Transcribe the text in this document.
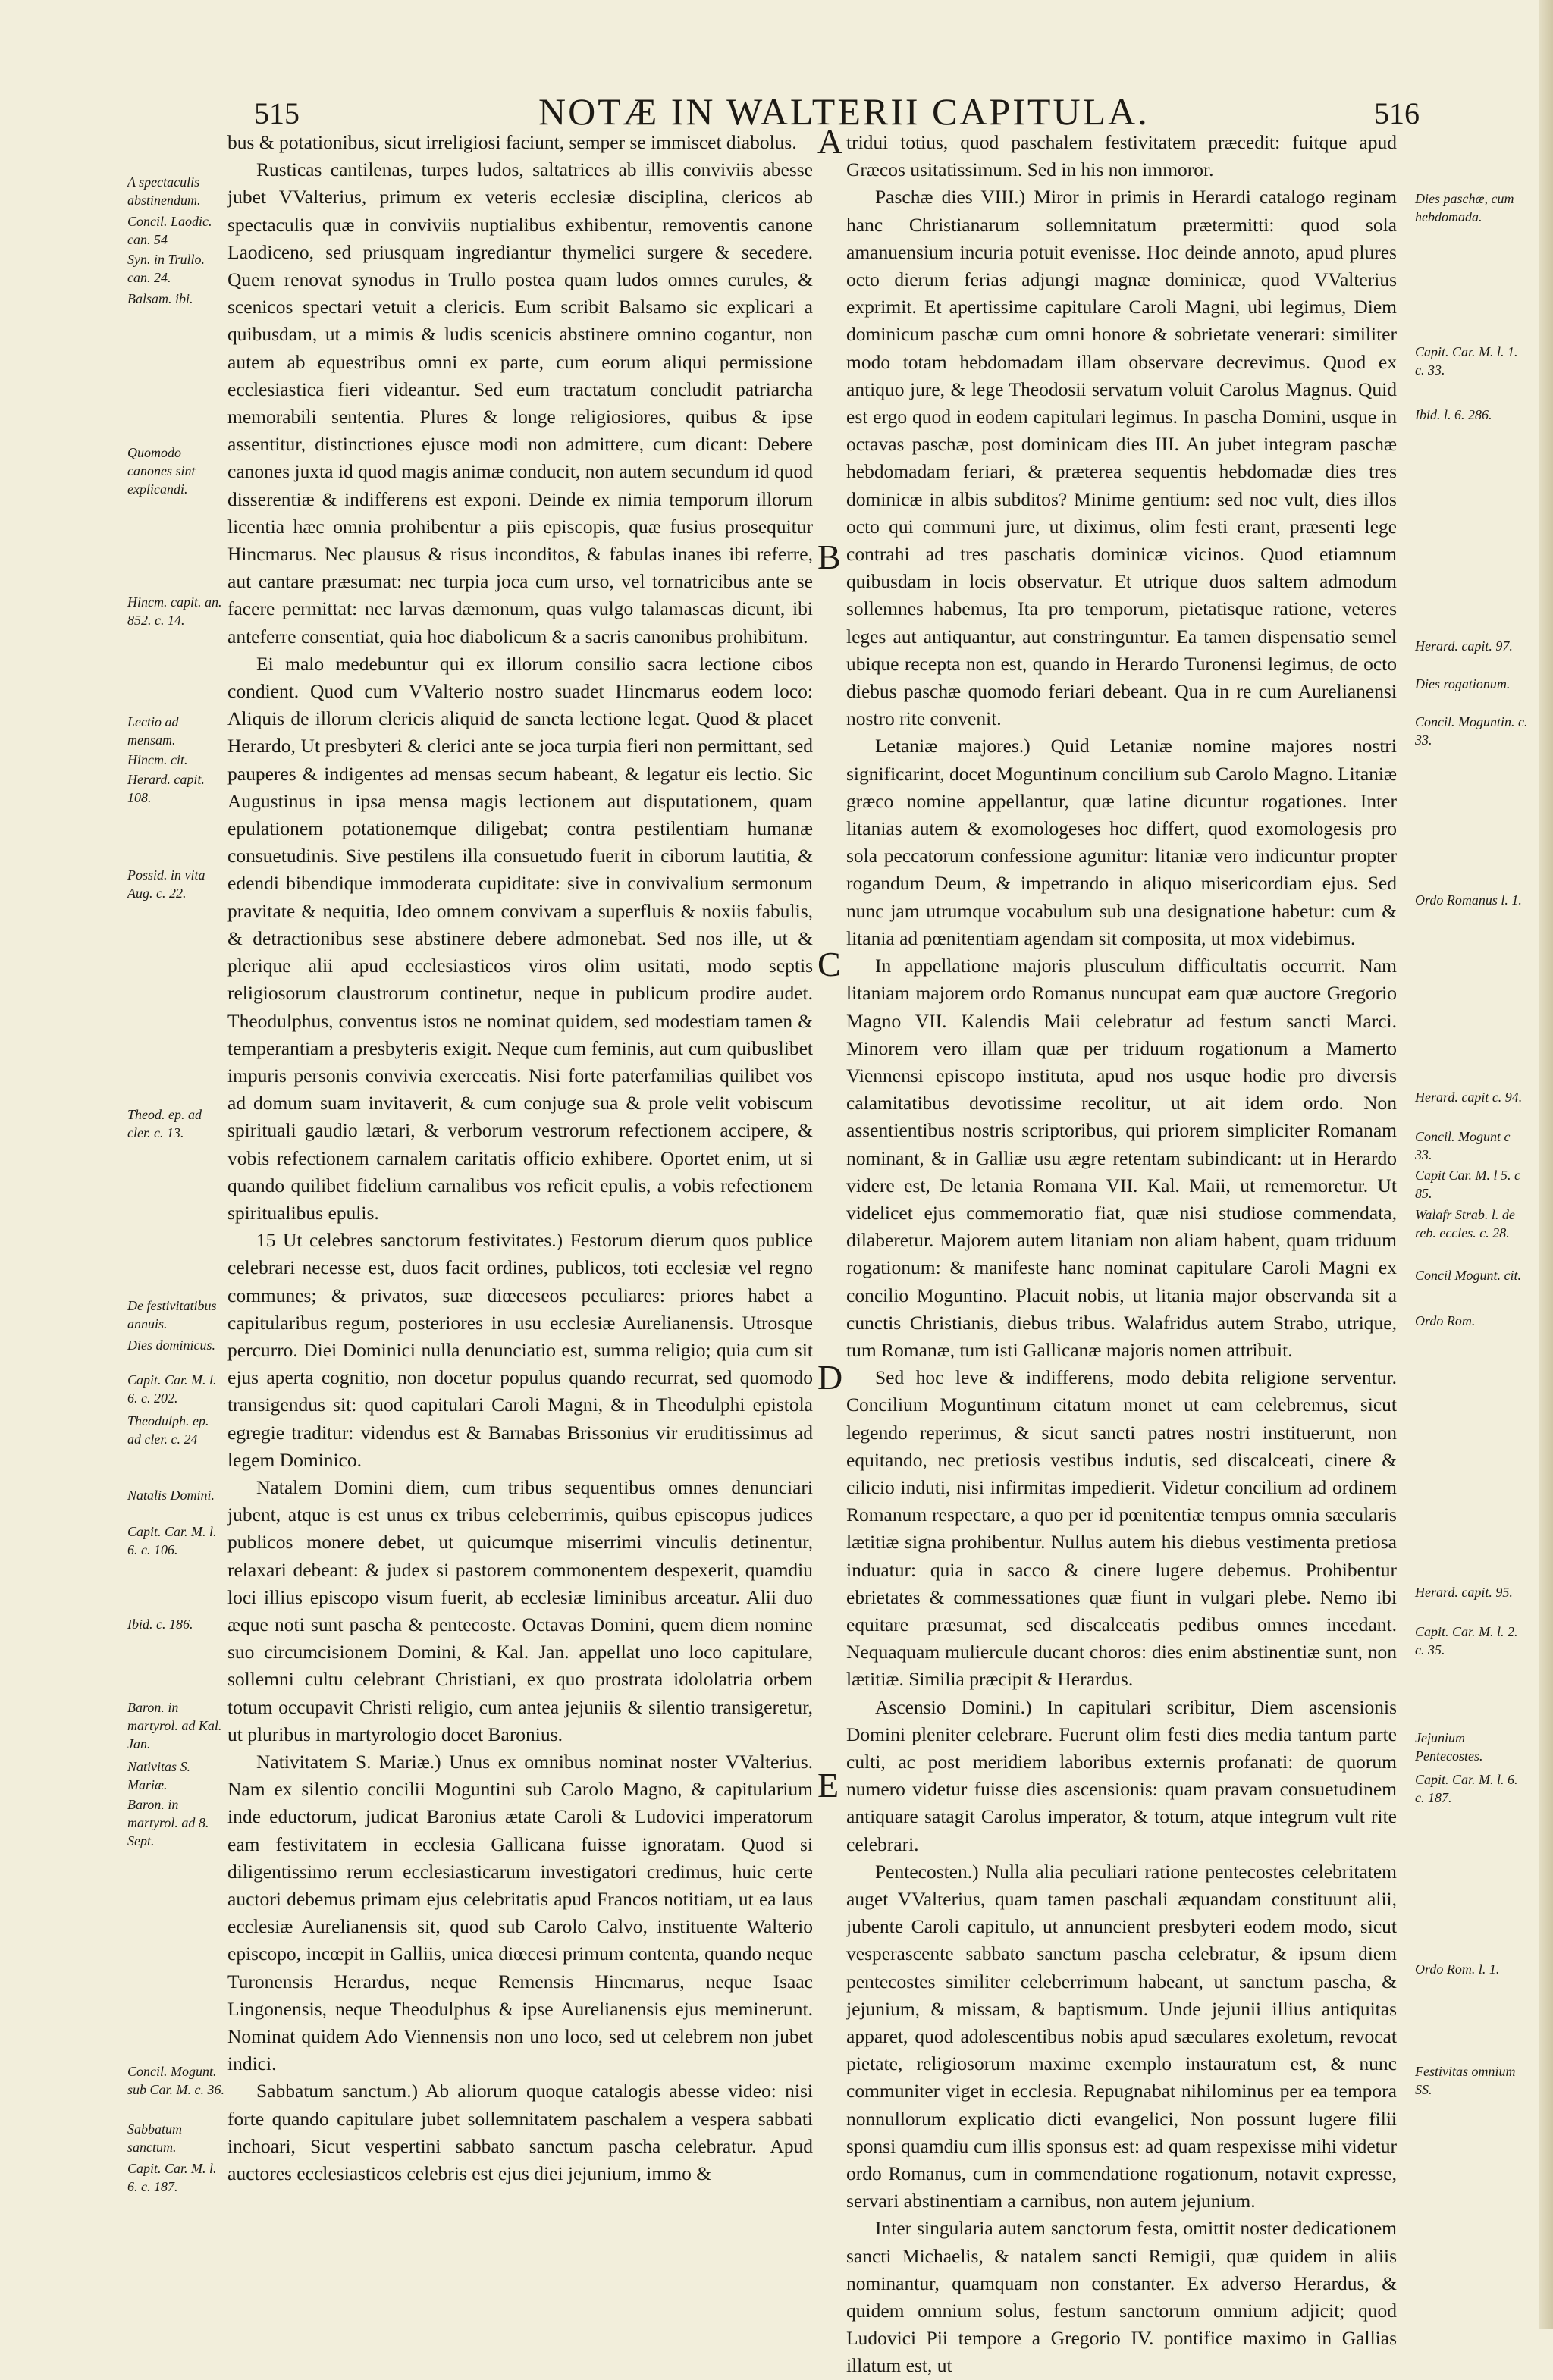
515	NOTÆ IN WALTERII CAPITULA.	516
A spectaculis abstinendum.
Concil. Laodic. can. 54
Syn. in Trullo. can. 24.
Balsam. ibi.
Quomodo canones sint explicandi.
Hincm. capit. an. 852. c. 14.
Lectio ad mensam.
Hincm. cit.
Herard. capit. 108.
Possid. in vita Aug. c. 22.
Theod. ep. ad cler. c. 13.
De festivitatibus annuis.
Dies dominicus.
Capit. Car. M. l. 6. c. 202.
Theodulph. ep. ad cler. c. 24
Natalis Domini.
Capit. Car. M. l. 6. c. 106.
Ibid. c. 186.
Baron. in martyrol. ad Kal. Jan.
Nativitas S. Mariæ.
Baron. in martyrol. ad 8. Sept.
Concil. Mogunt. sub Car. M. c. 36.
Sabbatum sanctum.
Capit. Car. M. l. 6. c. 187.

bus & potationibus, sicut irreligiosi faciunt, semper se immiscet diabolus.

Rusticas cantilenas, turpes ludos, saltatrices ab illis conviviis abesse jubet VValterius, primum ex veteris ecclesiæ disciplina, clericos ab spectaculis quæ in conviviis nuptialibus exhibentur, removentis canone Laodiceno, sed priusquam ingrediantur thymelici surgere & secedere. Quem renovat synodus in Trullo postea quam ludos omnes curules, & scenicos spectari vetuit a clericis. Eum scribit Balsamo sic explicari a quibusdam, ut a mimis & ludis scenicis abstinere omnino cogantur, non autem ab equestribus omni ex parte, cum eorum aliqui permissione ecclesiastica fieri videantur. Sed eum tractatum concludit patriarcha memorabili sententia. Plures & longe religiosiores, quibus & ipse assentitur, distinctiones ejusce modi non admittere, cum dicant: Debere canones juxta id quod magis animæ conducit, non autem secundum id quod disserentiæ & indifferens est exponi. Deinde ex nimia temporum illorum licentia hæc omnia prohibentur a piis episcopis, quæ fusius prosequitur Hincmarus. Nec plausus & risus inconditos, & fabulas inanes ibi referre, aut cantare præsumat: nec turpia joca cum urso, vel tornatricibus ante se facere permittat: nec larvas dæmonum, quas vulgo talamascas dicunt, ibi anteferre consentiat, quia hoc diabolicum & a sacris canonibus prohibitum.

Ei malo medebuntur qui ex illorum consilio sacra lectione cibos condient. Quod cum VValterio nostro suadet Hincmarus eodem loco: Aliquis de illorum clericis aliquid de sancta lectione legat. Quod & placet Herardo, Ut presbyteri & clerici ante se joca turpia fieri non permittant, sed pauperes & indigentes ad mensas secum habeant, & legatur eis lectio. Sic Augustinus in ipsa mensa magis lectionem aut disputationem, quam epulationem potationemque diligebat; contra pestilentiam humanæ consuetudinis. Sive pestilens illa consuetudo fuerit in ciborum lautitia, & edendi bibendique immoderata cupiditate: sive in convivalium sermonum pravitate & nequitia, Ideo omnem convivam a superfluis & noxiis fabulis, & detractionibus sese abstinere debere admonebat. Sed nos ille, ut & plerique alii apud ecclesiasticos viros olim usitati, modo septis religiosorum claustrorum continetur, neque in publicum prodire audet. Theodulphus, conventus istos ne nominat quidem, sed modestiam tamen & temperantiam a presbyteris exigit. Neque cum feminis, aut cum quibuslibet impuris personis convivia exerceatis. Nisi forte paterfamilias quilibet vos ad domum suam invitaverit, & cum conjuge sua & prole velit vobiscum spirituali gaudio lætari, & verborum vestrorum refectionem accipere, & vobis refectionem carnalem caritatis officio exhibere. Oportet enim, ut si quando quilibet fidelium carnalibus vos reficit epulis, a vobis refectionem spiritualibus epulis.

15 Ut celebres sanctorum festivitates.) Festorum dierum quos publice celebrari necesse est, duos facit ordines, publicos, toti ecclesiæ vel regno communes; & privatos, suæ diœceseos peculiares: priores habet a capitularibus regum, posteriores in usu ecclesiæ Aurelianensis. Utrosque percurro. Diei Dominici nulla denunciatio est, summa religio; quia cum sit ejus aperta cognitio, non docetur populus quando recurrat, sed quomodo transigendus sit: quod capitulari Caroli Magni, & in Theodulphi epistola egregie traditur: videndus est & Barnabas Brissonius vir eruditissimus ad legem Dominico.

Natalem Domini diem, cum tribus sequentibus omnes denunciari jubent, atque is est unus ex tribus celeberrimis, quibus episcopus judices publicos monere debet, ut quicumque miserrimi vinculis detinentur, relaxari debeant: & judex si pastorem commonentem despexerit, quamdiu loci illius episcopo visum fuerit, ab ecclesiæ liminibus arceatur. Alii duo æque noti sunt pascha & pentecoste. Octavas Domini, quem diem nomine suo circumcisionem Domini, & Kal. Jan. appellat uno loco capitulare, sollemni cultu celebrant Christiani, ex quo prostrata idololatria orbem totum occupavit Christi religio, cum antea jejuniis & silentio transigeretur, ut pluribus in martyrologio docet Baronius.

Nativitatem S. Mariæ.) Unus ex omnibus nominat noster VValterius. Nam ex silentio concilii Moguntini sub Carolo Magno, & capitularium inde eductorum, judicat Baronius ætate Caroli & Ludovici imperatorum eam festivitatem in ecclesia Gallicana fuisse ignoratam. Quod si diligentissimo rerum ecclesiasticarum investigatori credimus, huic certe auctori debemus primam ejus celebritatis apud Francos notitiam, ut ea laus ecclesiæ Aurelianensis sit, quod sub Carolo Calvo, instituente Walterio episcopo, incœpit in Galliis, unica diœcesi primum contenta, quando neque Turonensis Herardus, neque Remensis Hincmarus, neque Isaac Lingonensis, neque Theodulphus & ipse Aurelianensis ejus meminerunt. Nominat quidem Ado Viennensis non uno loco, sed ut celebrem non jubet indici.

Sabbatum sanctum.) Ab aliorum quoque catalogis abesse video: nisi forte quando capitulare jubet sollemnitatem paschalem a vespera sabbati inchoari, Sicut vespertini sabbato sanctum pascha celebratur. Apud auctores ecclesiasticos celebris est ejus diei jejunium, immo &

A
B
C
D
E

tridui totius, quod paschalem festivitatem præcedit: fuitque apud Græcos usitatissimum. Sed in his non immoror.

Paschæ dies VIII.) Miror in primis in Herardi catalogo reginam hanc Christianarum sollemnitatum prætermitti: quod sola amanuensium incuria potuit evenisse. Hoc deinde annoto, apud plures octo dierum ferias adjungi magnæ dominicæ, quod VValterius exprimit. Et apertissime capitulare Caroli Magni, ubi legimus, Diem dominicum paschæ cum omni honore & sobrietate venerari: similiter modo totam hebdomadam illam observare decrevimus. Quod ex antiquo jure, & lege Theodosii servatum voluit Carolus Magnus. Quid est ergo quod in eodem capitulari legimus. In pascha Domini, usque in octavas paschæ, post dominicam dies III. An jubet integram paschæ hebdomadam feriari, & præterea sequentis hebdomadæ dies tres dominicæ in albis subditos? Minime gentium: sed noc vult, dies illos octo qui communi jure, ut diximus, olim festi erant, præsenti lege contrahi ad tres paschatis dominicæ vicinos. Quod etiamnum quibusdam in locis observatur. Et utrique duos saltem admodum sollemnes habemus, Ita pro temporum, pietatisque ratione, veteres leges aut antiquantur, aut constringuntur. Ea tamen dispensatio semel ubique recepta non est, quando in Herardo Turonensi legimus, de octo diebus paschæ quomodo feriari debeant. Qua in re cum Aurelianensi nostro rite convenit.

Letaniæ majores.) Quid Letaniæ nomine majores nostri significarint, docet Moguntinum concilium sub Carolo Magno. Litaniæ græco nomine appellantur, quæ latine dicuntur rogationes. Inter litanias autem & exomologeses hoc differt, quod exomologesis pro sola peccatorum confessione agunitur: litaniæ vero indicuntur propter rogandum Deum, & impetrando in aliquo misericordiam ejus. Sed nunc jam utrumque vocabulum sub una designatione habetur: cum & litania ad pœnitentiam agendam sit composita, ut mox videbimus.

In appellatione majoris plusculum difficultatis occurrit. Nam litaniam majorem ordo Romanus nuncupat eam quæ auctore Gregorio Magno VII. Kalendis Maii celebratur ad festum sancti Marci. Minorem vero illam quæ per triduum rogationum a Mamerto Viennensi episcopo instituta, apud nos usque hodie pro diversis calamitatibus devotissime recolitur, ut ait idem ordo. Non assentientibus nostris scriptoribus, qui priorem simpliciter Romanam nominant, & in Galliæ usu ægre retentam subindicant: ut in Herardo videre est, De letania Romana VII. Kal. Maii, ut rememoretur. Ut videlicet ejus commemoratio fiat, quæ nisi studiose commendata, dilaberetur. Majorem autem litaniam non aliam habent, quam triduum rogationum: & manifeste hanc nominat capitulare Caroli Magni ex concilio Moguntino. Placuit nobis, ut litania major observanda sit a cunctis Christianis, diebus tribus. Walafridus autem Strabo, utrique, tum Romanæ, tum isti Gallicanæ majoris nomen attribuit.

Sed hoc leve & indifferens, modo debita religione serventur. Concilium Moguntinum citatum monet ut eam celebremus, sicut legendo reperimus, & sicut sancti patres nostri instituerunt, non equitando, nec pretiosis vestibus indutis, sed discalceati, cinere & cilicio induti, nisi infirmitas impedierit. Videtur concilium ad ordinem Romanum respectare, a quo per id pœnitentiæ tempus omnia sæcularis lætitiæ signa prohibentur. Nullus autem his diebus vestimenta pretiosa induatur: quia in sacco & cinere lugere debemus. Prohibentur ebrietates & commessationes quæ fiunt in vulgari plebe. Nemo ibi equitare præsumat, sed discalceatis pedibus omnes incedant. Nequaquam muliercule ducant choros: dies enim abstinentiæ sunt, non lætitiæ. Similia præcipit & Herardus.

Ascensio Domini.) In capitulari scribitur, Diem ascensionis Domini pleniter celebrare. Fuerunt olim festi dies media tantum parte culti, ac post meridiem laboribus externis profanati: de quorum numero videtur fuisse dies ascensionis: quam pravam consuetudinem antiquare satagit Carolus imperator, & totum, atque integrum vult rite celebrari.

Pentecosten.) Nulla alia peculiari ratione pentecostes celebritatem auget VValterius, quam tamen paschali æquandam constituunt alii, jubente Caroli capitulo, ut annuncient presbyteri eodem modo, sicut vesperascente sabbato sanctum pascha celebratur, & ipsum diem pentecostes similiter celeberrimum habeant, ut sanctum pascha, & jejunium, & missam, & baptismum. Unde jejunii illius antiquitas apparet, quod adolescentibus nobis apud sæculares exoletum, revocat pietate, religiosorum maxime exemplo instauratum est, & nunc communiter viget in ecclesia. Repugnabat nihilominus per ea tempora nonnullorum explicatio dicti evangelici, Non possunt lugere filii sponsi quamdiu cum illis sponsus est: ad quam respexisse mihi videtur ordo Romanus, cum in commendatione rogationum, notavit expresse, servari abstinentiam a carnibus, non autem jejunium.

Inter singularia autem sanctorum festa, omittit noster dedicationem sancti Michaelis, & natalem sancti Remigii, quæ quidem in aliis nominantur, quamquam non constanter. Ex adverso Herardus, & quidem omnium solus, festum sanctorum omnium adjicit; quod Ludovici Pii tempore a Gregorio IV. pontifice maximo in Gallias illatum est, ut

Dies paschæ, cum hebdomada.
Capit. Car. M. l. 1. c. 33.
Ibid. l. 6. 286.
Herard. capit. 97.
Dies rogationum.
Concil. Moguntin. c. 33.
Ordo Romanus l. 1.
Herard. capit c. 94.
Concil. Mogunt c 33.
Capit Car. M. l 5. c 85.
Walafr Strab. l. de reb. eccles. c. 28.
Concil Mogunt. cit.
Ordo Rom.
Herard. capit. 95.
Capit. Car. M. l. 2. c. 35.
Jejunium Pentecostes.
Capit. Car. M. l. 6. c. 187.
Ordo Rom. l. 1.
Festivitas omnium SS.
